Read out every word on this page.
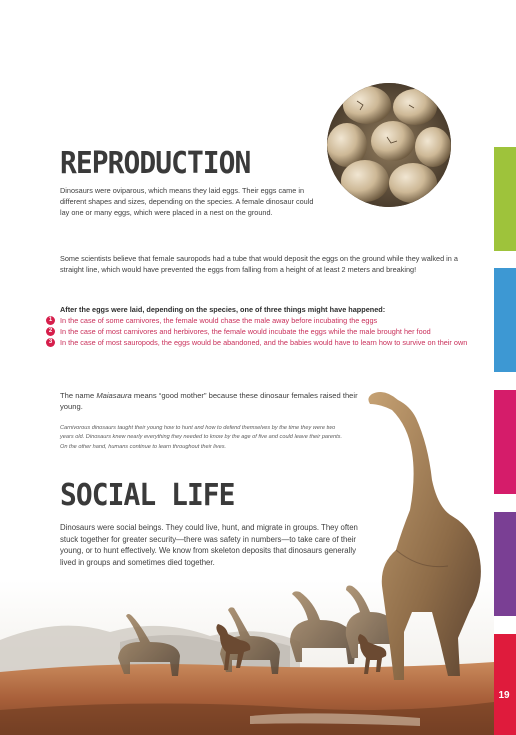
19
REPRODUCTION

Dinosaurs were oviparous, which means they laid eggs. Their eggs came in different shapes and sizes, depending on the species. A female dinosaur could lay one or many eggs, which were placed in a nest on the ground.

Some scientists believe that female sauropods had a tube that would deposit the eggs on the ground while they walked in a straight line, which would have prevented the eggs from falling from a height of at least 2 meters and breaking!

After the eggs were laid, depending on the species, one of three things might have happened:

1	In the case of some carnivores, the female would chase the male away before incubating the eggs
2	In the case of most carnivores and herbivores, the female would incubate the eggs while the male brought her food
3	In the case of most sauropods, the eggs would be abandoned, and the babies would have to learn how to survive on their own

The name Maiasaura means “good mother” because these dinosaur females raised their young.

Carnivorous dinosaurs taught their young how to hunt and how to defend themselves by the time they were two years old. Dinosaurs knew nearly everything they needed to know by the age of five and could leave their parents. On the other hand, humans continue to learn throughout their lives.

SOCIAL LIFE

Dinosaurs were social beings. They could live, hunt, and migrate in groups. They often stuck together for greater security—there was safety in numbers—to take care of their young, or to hunt effectively. We know from skeleton deposits that dinosaurs generally lived in groups and sometimes died together.
